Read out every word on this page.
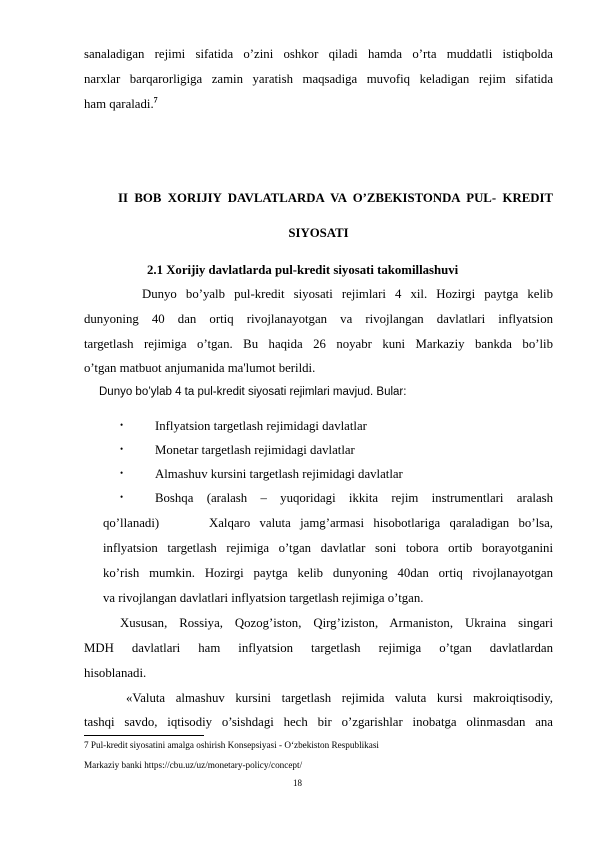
sanaladigan rejimi sifatida o’zini oshkor qiladi hamda o’rta muddatli istiqbolda
narxlar barqarorligiga zamin yaratish maqsadiga muvofiq keladigan rejim sifatida
ham qaraladi.$^7$
II BOB XORIJIY DAVLATLARDA VA O’ZBEKISTONDA PUL- KREDIT
SIYOSATI
2.1 Xorijiy davlatlarda pul-kredit siyosati takomillashuvi
Dunyo bo’yalb pul-kredit siyosati rejimlari 4 xil. Hozirgi paytga kelib
dunyoning 40 dan ortiq rivojlanayotgan va rivojlangan davlatlari inflyatsion
targetlash rejimiga o’tgan. Bu haqida 26 noyabr kuni Markaziy bankda bo’lib
o’tgan matbuot anjumanida ma'lumot berildi.
Dunyo bo’ylab 4 ta pul-kredit siyosati rejimlari mavjud. Bular:
• Inflyatsion targetlash rejimidagi davlatlar
• Monetar targetlash rejimidagi davlatlar
• Almashuv kursini targetlash rejimidagi davlatlar
• Boshqa (aralash – yuqoridagi ikkita rejim instrumentlari aralash
qo’llanadi)	Xalqaro valuta jamg’armasi hisobotlariga qaraladigan bo’lsa,
inflyatsion targetlash rejimiga o’tgan davlatlar soni tobora ortib borayotganini
ko’rish mumkin. Hozirgi paytga kelib dunyoning 40dan ortiq rivojlanayotgan
va rivojlangan davlatlari inflyatsion targetlash rejimiga o’tgan.
Xususan, Rossiya, Qozog’iston, Qirg’iziston, Armaniston, Ukraina singari
MDH davlatlari ham inflyatsion targetlash rejimiga o’tgan davlatlardan
hisoblanadi.
«Valuta almashuv kursini targetlash rejimida valuta kursi makroiqtisodiy,
tashqi savdo, iqtisodiy o’sishdagi hech bir o’zgarishlar inobatga olinmasdan ana
7 Pul-kredit siyosatini amalga oshirish Konsepsiyasi - O‘zbekiston Respublikasi
Markaziy banki https://cbu.uz/uz/monetary-policy/concept/
18
